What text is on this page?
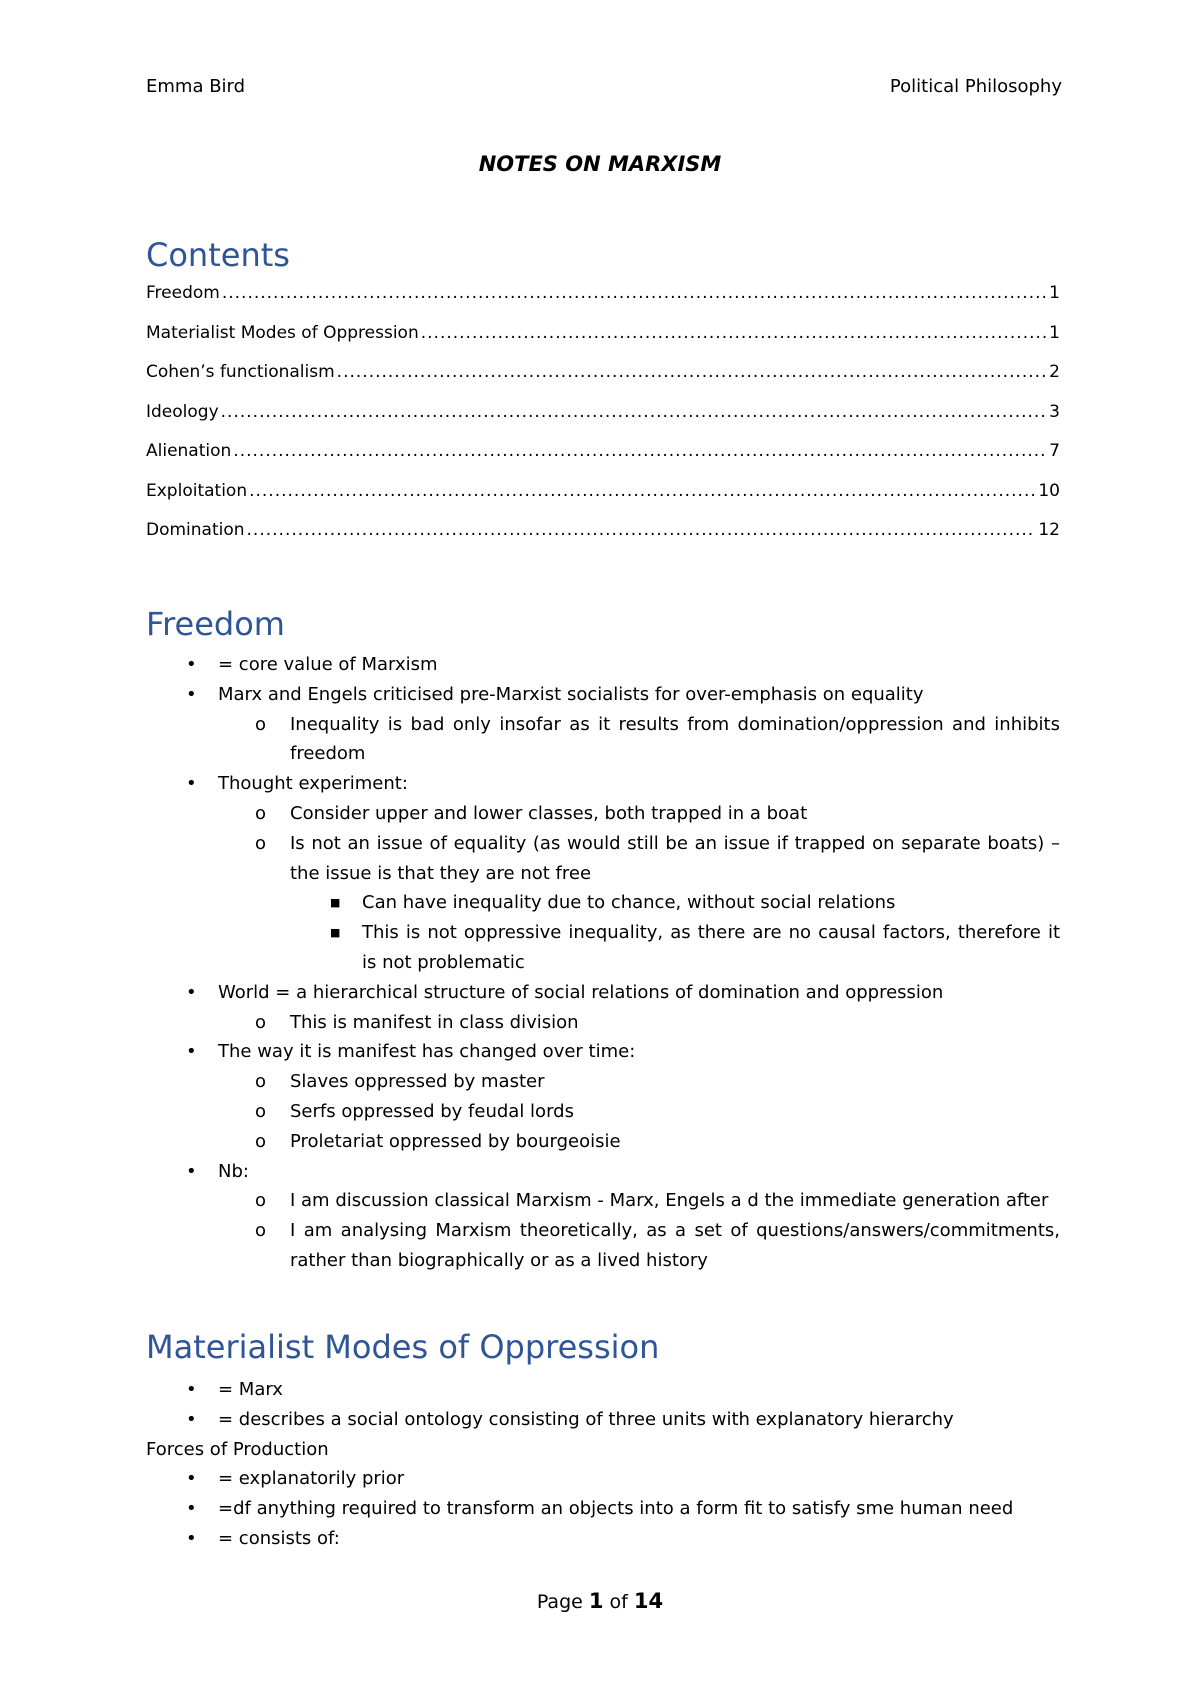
Emma Bird	Political Philosophy
NOTES ON MARXISM
Contents
Freedom .....	1
Materialist Modes of Oppression .....	1
Cohen’s functionalism .....	2
Ideology .....	3
Alienation .....	7
Exploitation .....	10
Domination .....	12
Freedom
•	= core value of Marxism
•	Marx and Engels criticised pre-Marxist socialists for over-emphasis on equality
o	Inequality is bad only insofar as it results from domination/oppression and inhibits freedom
•	Thought experiment:
o	Consider upper and lower classes, both trapped in a boat
o	Is not an issue of equality (as would still be an issue if trapped on separate boats) – the issue is that they are not free
■	Can have inequality due to chance, without social relations
■	This is not oppressive inequality, as there are no causal factors, therefore it is not problematic
•	World = a hierarchical structure of social relations of domination and oppression
o	This is manifest in class division
•	The way it is manifest has changed over time:
o	Slaves oppressed by master
o	Serfs oppressed by feudal lords
o	Proletariat oppressed by bourgeoisie
•	Nb:
o	I am discussion classical Marxism - Marx, Engels a d the immediate generation after
o	I am analysing Marxism theoretically, as a set of questions/answers/commitments, rather than biographically or as a lived history
Materialist Modes of Oppression
•	= Marx
•	= describes a social ontology consisting of three units with explanatory hierarchy
Forces of Production
•	= explanatorily prior
•	=df anything required to transform an objects into a form fit to satisfy sme human need
•	= consists of:
Page 1 of 14
